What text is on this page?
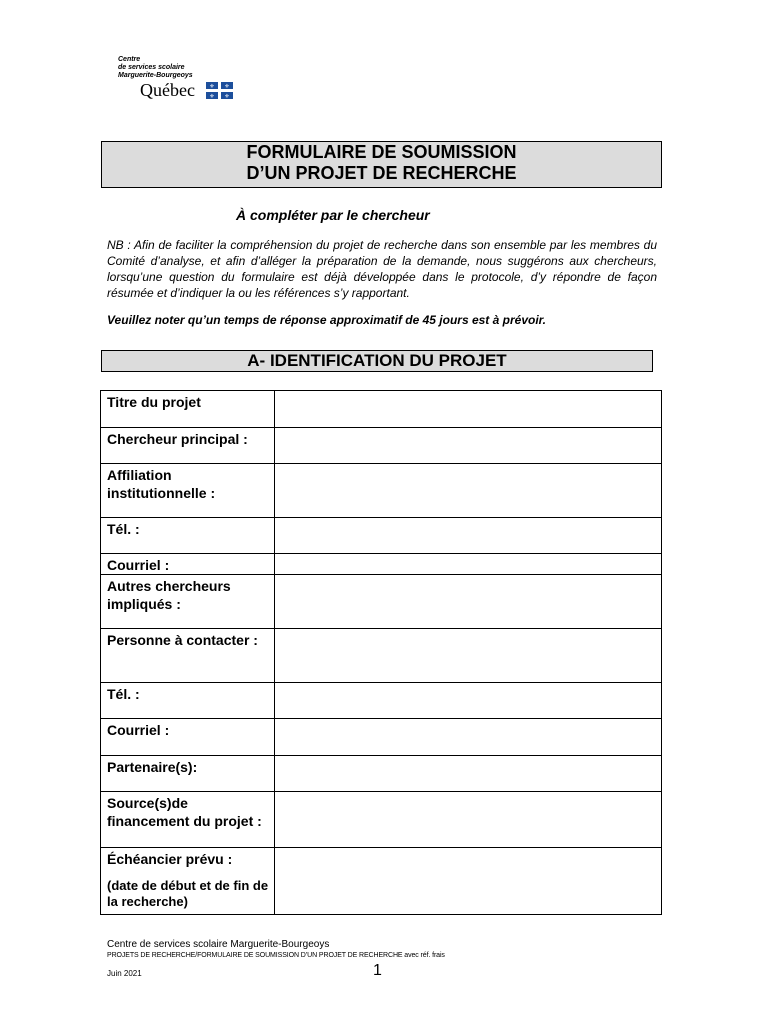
Centre
de services scolaire
Marguerite-Bourgeoys
Québec ⚜ ⚜
⚜ ⚜
FORMULAIRE DE SOUMISSION
D’UN PROJET DE RECHERCHE
À compléter par le chercheur
NB : Afin de faciliter la compréhension du projet de recherche dans son ensemble par les membres du Comité d’analyse, et afin d’alléger la préparation de la demande, nous suggérons aux chercheurs, lorsqu’une question du formulaire est déjà développée dans le protocole, d’y répondre de façon résumée et d’indiquer la ou les références s’y rapportant.
Veuillez noter qu’un temps de réponse approximatif de 45 jours est à prévoir.
A- IDENTIFICATION DU PROJET
Titre du projet	
Chercheur principal :	
Affiliation institutionnelle :	
Tél. :	
Courriel :	
Autres chercheurs impliqués :	
Personne à contacter :	
Tél. :	
Courriel :	
Partenaire(s):	
Source(s)de financement du projet :	
Échéancier prévu :
(date de début et de fin de la recherche)	

Centre de services scolaire Marguerite-Bourgeoys
PROJETS DE RECHERCHE/FORMULAIRE DE SOUMISSION D’UN PROJET DE RECHERCHE avec réf. frais
Juin 2021	1
